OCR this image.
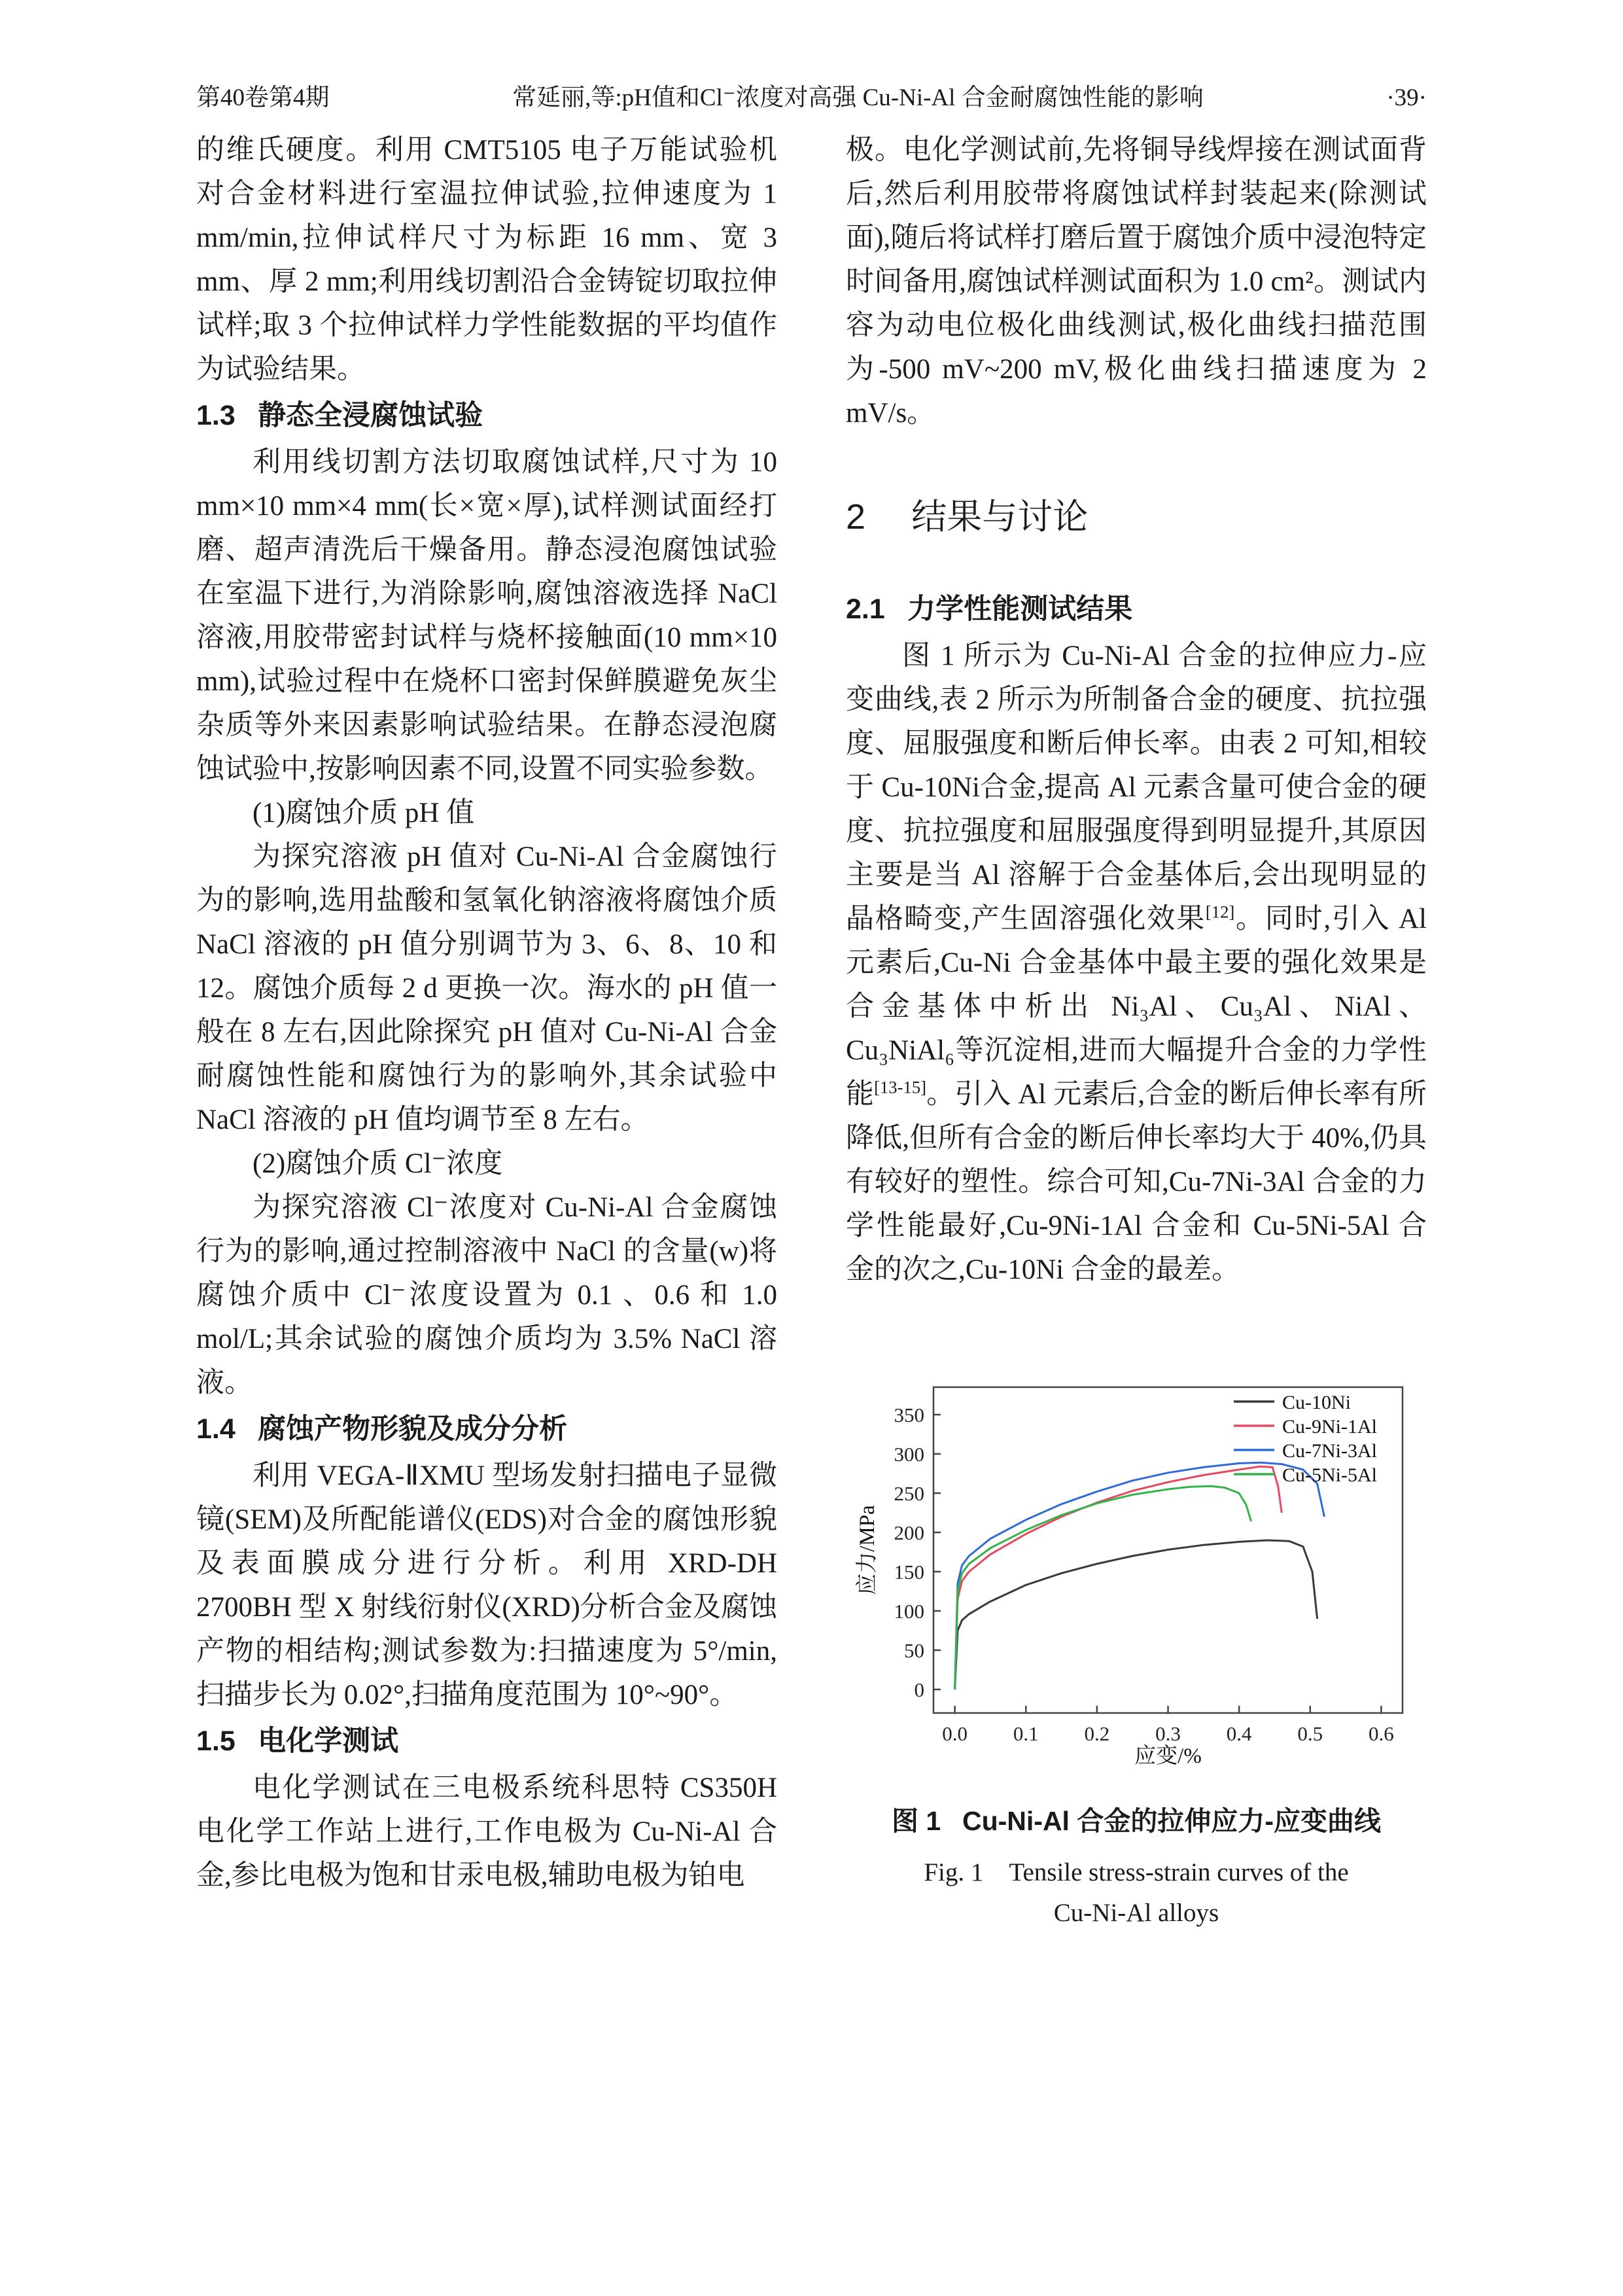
第40卷第4期	常延丽,等:pH值和Cl⁻浓度对高强 Cu-Ni-Al 合金耐腐蚀性能的影响	·39·

的维氏硬度。利用 CMT5105 电子万能试验机对合金材料进行室温拉伸试验,拉伸速度为 1 mm/min,拉伸试样尺寸为标距 16 mm、宽 3 mm、厚 2 mm;利用线切割沿合金铸锭切取拉伸试样;取 3 个拉伸试样力学性能数据的平均值作为试验结果。

1.3 静态全浸腐蚀试验

利用线切割方法切取腐蚀试样,尺寸为 10 mm×10 mm×4 mm(长×宽×厚),试样测试面经打磨、超声清洗后干燥备用。静态浸泡腐蚀试验在室温下进行,为消除影响,腐蚀溶液选择 NaCl 溶液,用胶带密封试样与烧杯接触面(10 mm×10 mm),试验过程中在烧杯口密封保鲜膜避免灰尘杂质等外来因素影响试验结果。在静态浸泡腐蚀试验中,按影响因素不同,设置不同实验参数。

(1)腐蚀介质 pH 值

为探究溶液 pH 值对 Cu-Ni-Al 合金腐蚀行为的影响,选用盐酸和氢氧化钠溶液将腐蚀介质 NaCl 溶液的 pH 值分别调节为 3、6、8、10 和 12。腐蚀介质每 2 d 更换一次。海水的 pH 值一般在 8 左右,因此除探究 pH 值对 Cu-Ni-Al 合金耐腐蚀性能和腐蚀行为的影响外,其余试验中 NaCl 溶液的 pH 值均调节至 8 左右。

(2)腐蚀介质 Cl⁻浓度

为探究溶液 Cl⁻浓度对 Cu-Ni-Al 合金腐蚀行为的影响,通过控制溶液中 NaCl 的含量(w)将腐蚀介质中 Cl⁻浓度设置为 0.1 、0.6 和 1.0 mol/L;其余试验的腐蚀介质均为 3.5% NaCl 溶液。

1.4 腐蚀产物形貌及成分分析

利用 VEGA-ⅡXMU 型场发射扫描电子显微镜(SEM)及所配能谱仪(EDS)对合金的腐蚀形貌及表面膜成分进行分析。利用 XRD-DH 2700BH 型 X 射线衍射仪(XRD)分析合金及腐蚀产物的相结构;测试参数为:扫描速度为 5°/min,扫描步长为 0.02°,扫描角度范围为 10°~90°。

1.5 电化学测试

电化学测试在三电极系统科思特 CS350H 电化学工作站上进行,工作电极为 Cu-Ni-Al 合金,参比电极为饱和甘汞电极,辅助电极为铂电

极。电化学测试前,先将铜导线焊接在测试面背后,然后利用胶带将腐蚀试样封装起来(除测试面),随后将试样打磨后置于腐蚀介质中浸泡特定时间备用,腐蚀试样测试面积为 1.0 cm²。测试内容为动电位极化曲线测试,极化曲线扫描范围为-500 mV~200 mV,极化曲线扫描速度为 2 mV/s。

2 结果与讨论

2.1 力学性能测试结果

图 1 所示为 Cu-Ni-Al 合金的拉伸应力-应变曲线,表 2 所示为所制备合金的硬度、抗拉强度、屈服强度和断后伸长率。由表 2 可知,相较于 Cu-10Ni合金,提高 Al 元素含量可使合金的硬度、抗拉强度和屈服强度得到明显提升,其原因主要是当 Al 溶解于合金基体后,会出现明显的晶格畸变,产生固溶强化效果[12]。同时,引入 Al 元素后,Cu-Ni 合金基体中最主要的强化效果是合金基体中析出 Ni₃Al、Cu₃Al、NiAl、Cu₃NiAl₆等沉淀相,进而大幅提升合金的力学性能[13-15]。引入 Al 元素后,合金的断后伸长率有所降低,但所有合金的断后伸长率均大于 40%,仍具有较好的塑性。综合可知,Cu-7Ni-3Al 合金的力学性能最好,Cu-9Ni-1Al 合金和 Cu-5Ni-5Al 合金的次之,Cu-10Ni 合金的最差。

0
50
100
150
200
250
300
350
0.0 0.1 0.2 0.3 0.4 0.5 0.6
应力/MPa
应变/%
Cu-10Ni
Cu-9Ni-1Al
Cu-7Ni-3Al
Cu-5Ni-5Al

图 1 Cu-Ni-Al 合金的拉伸应力-应变曲线

Fig. 1　Tensile stress-strain curves of the

Cu-Ni-Al alloys
